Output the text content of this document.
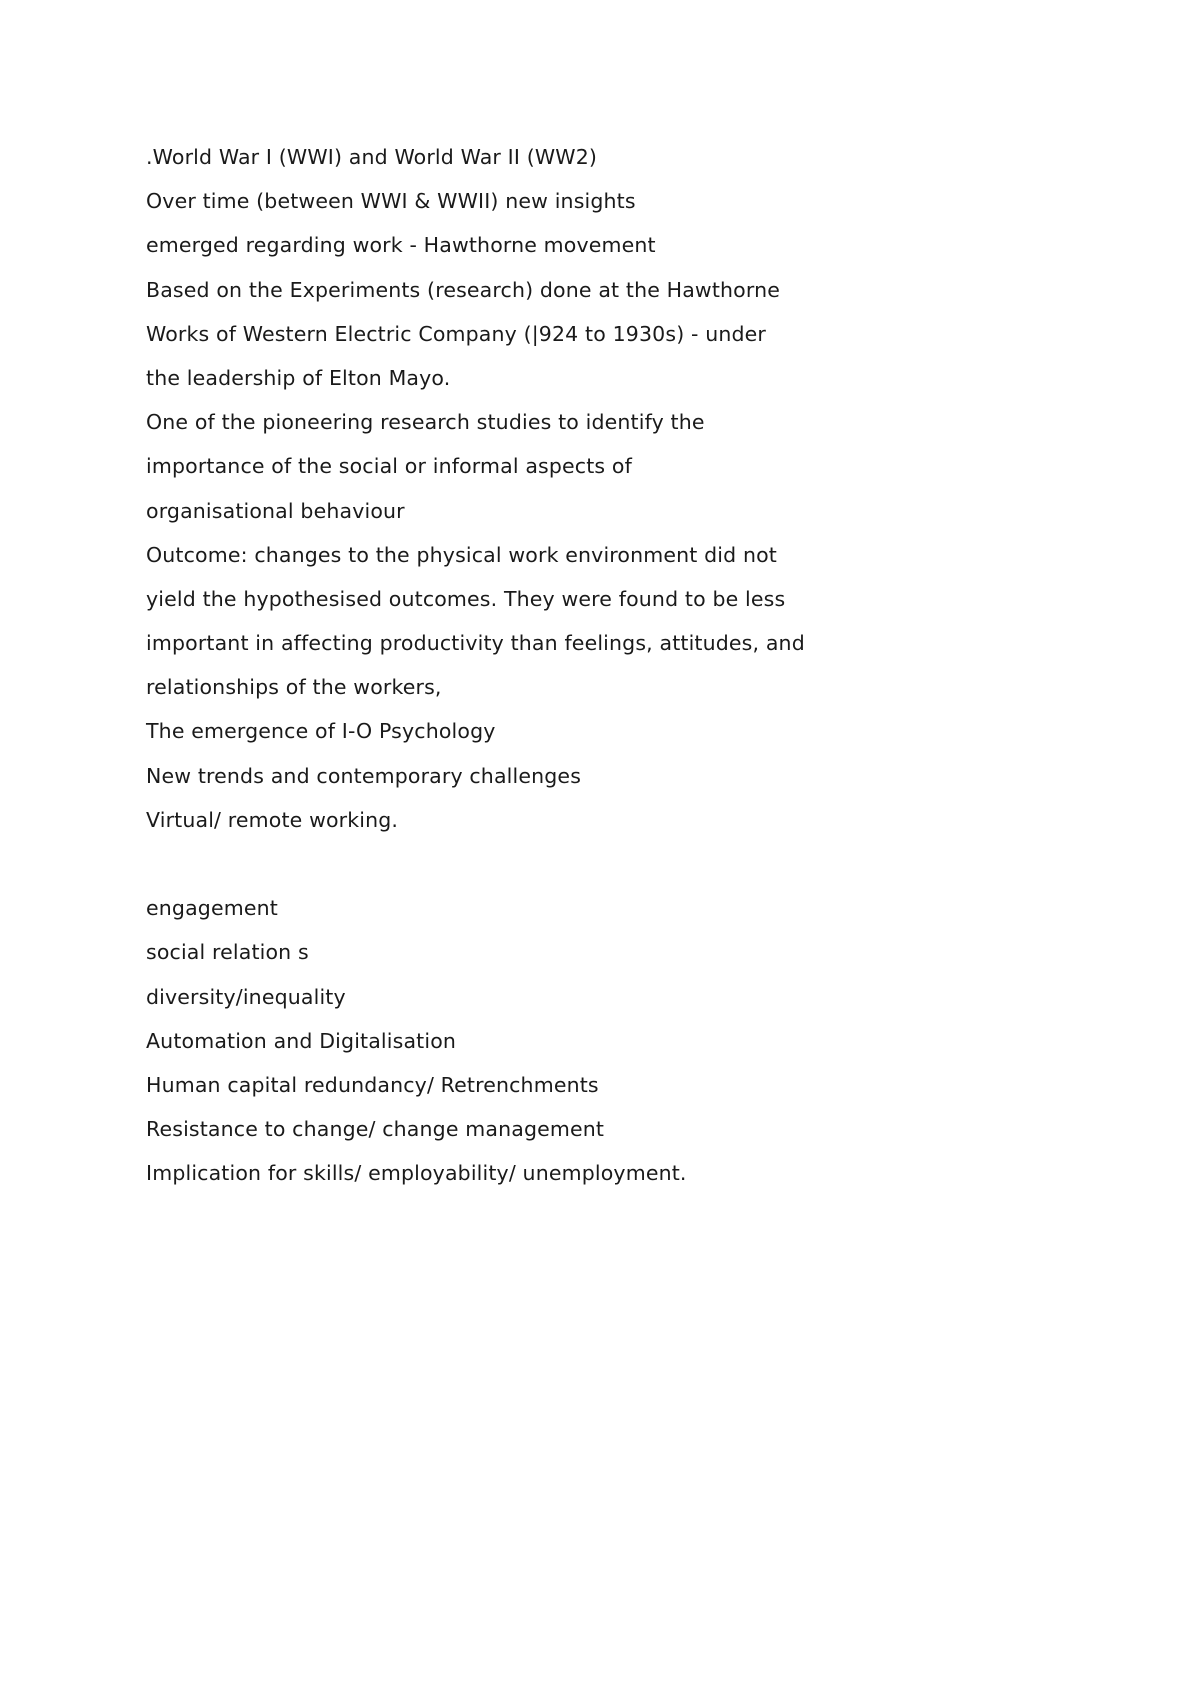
.World War I (WWI) and World War II (WW2)
Over time (between WWI & WWII) new insights
emerged regarding work - Hawthorne movement
Based on the Experiments (research) done at the Hawthorne
Works of Western Electric Company (|924 to 1930s) - under
the leadership of Elton Mayo.
One of the pioneering research studies to identify the
importance of the social or informal aspects of
organisational behaviour
Outcome: changes to the physical work environment did not
yield the hypothesised outcomes. They were found to be less
important in affecting productivity than feelings, attitudes, and
relationships of the workers,
The emergence of I-O Psychology
New trends and contemporary challenges
Virtual/ remote working.
engagement
social relation s
diversity/inequality
Automation and Digitalisation
Human capital redundancy/ Retrenchments
Resistance to change/ change management
Implication for skills/ employability/ unemployment.
